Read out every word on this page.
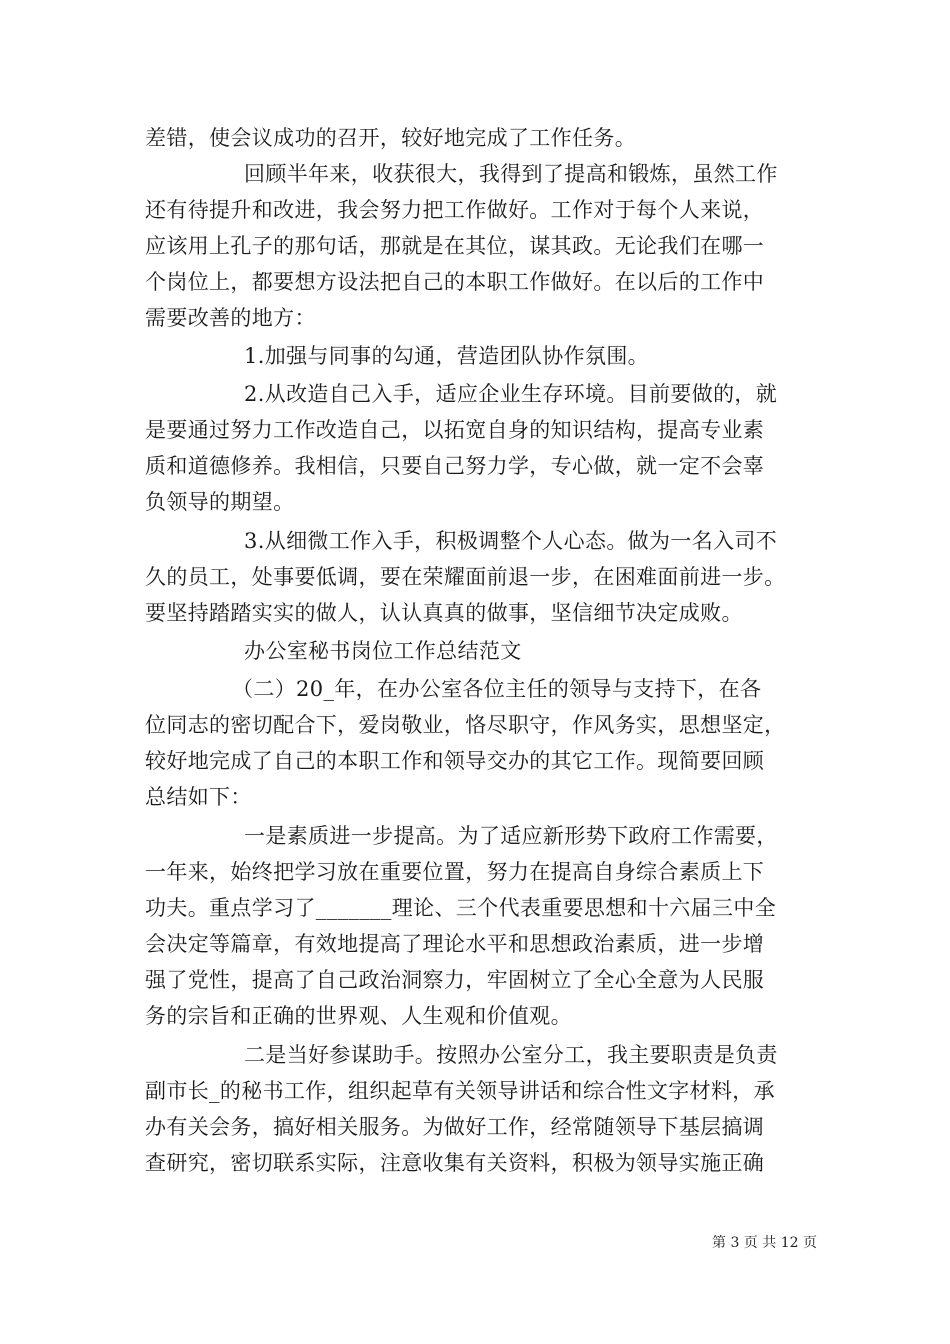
差错，使会议成功的召开，较好地完成了工作任务。
回顾半年来，收获很大，我得到了提高和锻炼，虽然工作
还有待提升和改进，我会努力把工作做好。工作对于每个人来说，
应该用上孔子的那句话，那就是在其位，谋其政。无论我们在哪一
个岗位上，都要想方设法把自己的本职工作做好。在以后的工作中
需要改善的地方：
1.加强与同事的勾通，营造团队协作氛围。
2.从改造自己入手，适应企业生存环境。目前要做的，就
是要通过努力工作改造自己，以拓宽自身的知识结构，提高专业素
质和道德修养。我相信，只要自己努力学，专心做，就一定不会辜
负领导的期望。
3.从细微工作入手，积极调整个人心态。做为一名入司不
久的员工，处事要低调，要在荣耀面前退一步，在困难面前进一步。
要坚持踏踏实实的做人，认认真真的做事，坚信细节决定成败。
办公室秘书岗位工作总结范文
（二）20_年，在办公室各位主任的领导与支持下，在各
位同志的密切配合下，爱岗敬业，恪尽职守，作风务实，思想坚定，
较好地完成了自己的本职工作和领导交办的其它工作。现简要回顾
总结如下：
一是素质进一步提高。为了适应新形势下政府工作需要，
一年来，始终把学习放在重要位置，努力在提高自身综合素质上下
功夫。重点学习了_______理论、三个代表重要思想和十六届三中全
会决定等篇章，有效地提高了理论水平和思想政治素质，进一步增
强了党性，提高了自己政治洞察力，牢固树立了全心全意为人民服
务的宗旨和正确的世界观、人生观和价值观。
二是当好参谋助手。按照办公室分工，我主要职责是负责
副市长_的秘书工作，组织起草有关领导讲话和综合性文字材料，承
办有关会务，搞好相关服务。为做好工作，经常随领导下基层搞调
查研究，密切联系实际，注意收集有关资料，积极为领导实施正确
第 3 页 共 12 页
